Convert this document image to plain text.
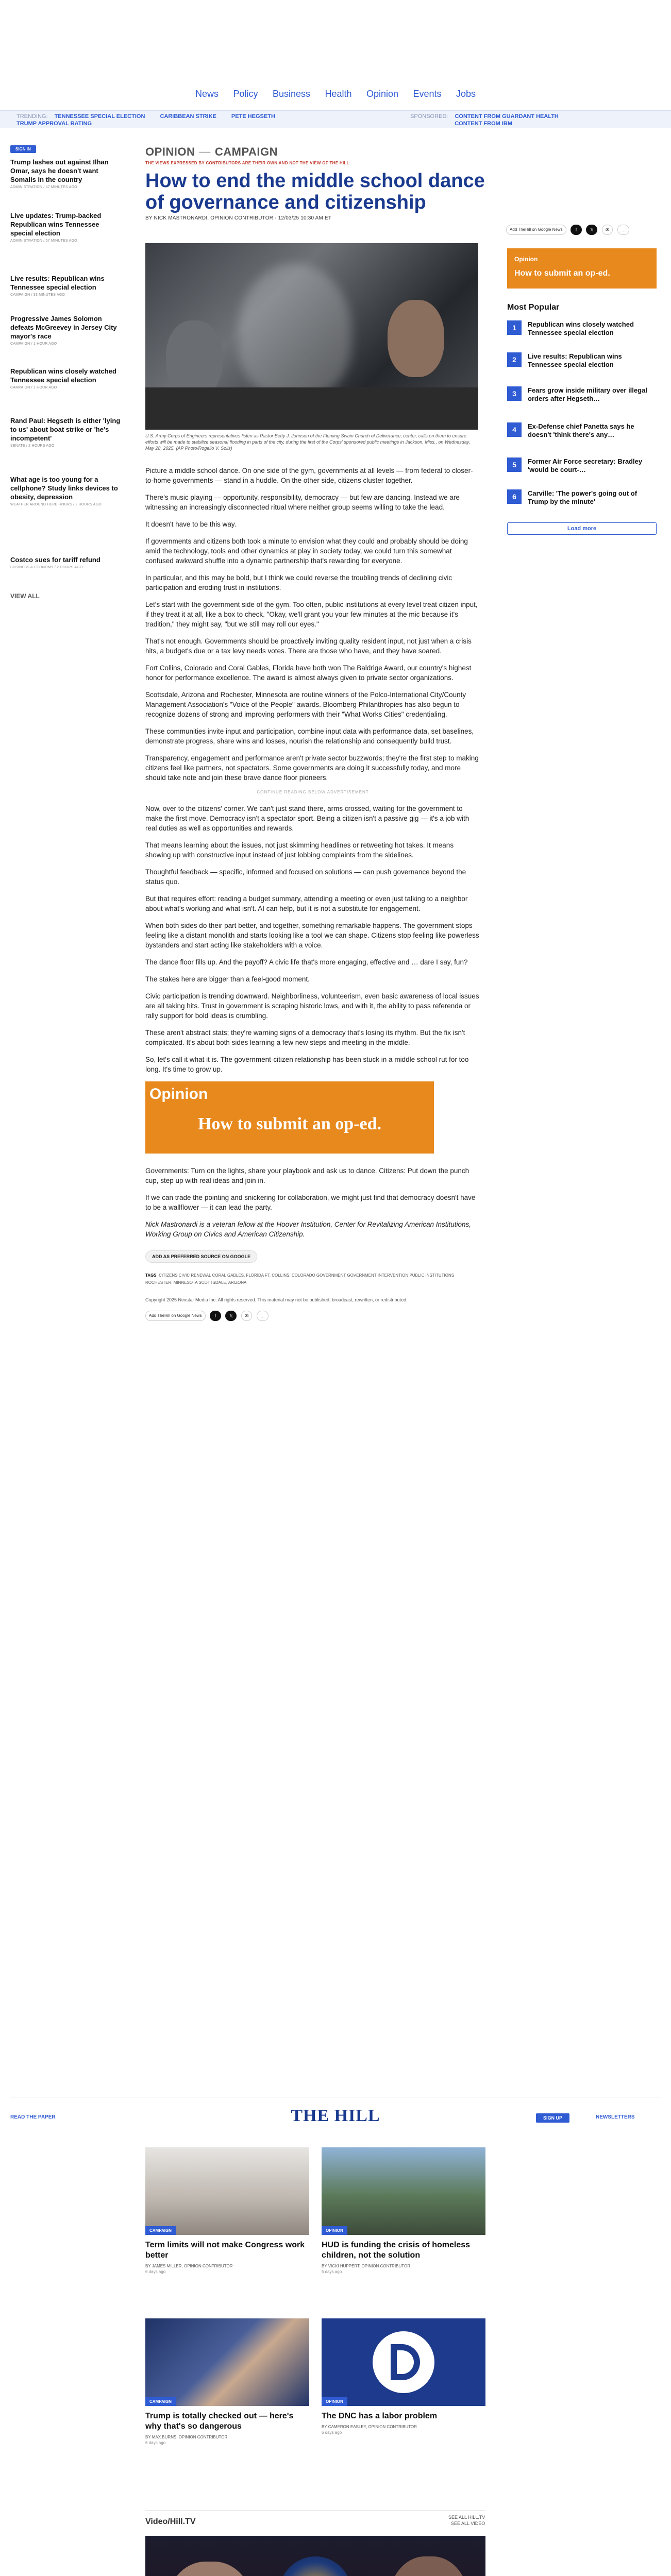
News Policy Business Health Opinion Events Jobs
TRENDING: TENNESSEE SPECIAL ELECTION	CARIBBEAN STRIKE	PETE HEGSETH	SPONSORED: CONTENT FROM GUARDANT HEALTH
TRUMP APPROVAL RATING	CONTENT FROM IBM
SIGN IN
Trump lashes out against Ilhan Omar, says he doesn't want Somalis in the country
ADMINISTRATION / 47 MINUTES AGO
Live updates: Trump-backed Republican wins Tennessee special election
ADMINISTRATION / 57 MINUTES AGO
Live results: Republican wins Tennessee special election
CAMPAIGN / 33 MINUTES AGO
Progressive James Solomon defeats McGreevey in Jersey City mayor's race
CAMPAIGN / 1 HOUR AGO
Republican wins closely watched Tennessee special election
CAMPAIGN / 1 HOUR AGO
Rand Paul: Hegseth is either 'lying to us' about boat strike or 'he's incompetent'
SENATE / 2 HOURS AGO
What age is too young for a cellphone? Study links devices to obesity, depression
WEATHER AROUND HERE HOURS / 2 HOURS AGO
Costco sues for tariff refund
BUSINESS & ECONOMY / 2 HOURS AGO
VIEW ALL
OPINION — CAMPAIGN
THE VIEWS EXPRESSED BY CONTRIBUTORS ARE THEIR OWN AND NOT THE VIEW OF THE HILL
How to end the middle school dance of governance and citizenship
BY NICK MASTRONARDI, OPINION CONTRIBUTOR - 12/03/25 10:30 AM ET
Add TheHill on Google News	f	𝕏	✉ …
U.S. Army Corps of Engineers representatives listen as Pastor Betty J. Johnson of the Fleming Swain Church of Deliverance, center, calls on them to ensure efforts will be made to stabilize seasonal flooding in parts of the city, during the first of the Corps' sponsored public meetings in Jackson, Miss., on Wednesday, May 28, 2025. (AP Photo/Rogelio V. Solis)
Opinion
How to submit an op-ed.
Most Popular
1	Republican wins closely watched Tennessee special election
2	Live results: Republican wins Tennessee special election
3	Fears grow inside military over illegal orders after Hegseth…
4	Ex-Defense chief Panetta says he doesn't 'think there's any…
5	Former Air Force secretary: Bradley 'would be court-…
6	Carville: 'The power's going out of Trump by the minute'
Load more

Picture a middle school dance. On one side of the gym, governments at all levels — from federal to closer-to-home governments — stand in a huddle. On the other side, citizens cluster together.

There's music playing — opportunity, responsibility, democracy — but few are dancing. Instead we are witnessing an increasingly disconnected ritual where neither group seems willing to take the lead.

It doesn't have to be this way.

If governments and citizens both took a minute to envision what they could and probably should be doing amid the technology, tools and other dynamics at play in society today, we could turn this somewhat confused awkward shuffle into a dynamic partnership that's rewarding for everyone.

In particular, and this may be bold, but I think we could reverse the troubling trends of declining civic participation and eroding trust in institutions.

Let's start with the government side of the gym. Too often, public institutions at every level treat citizen input, if they treat it at all, like a box to check. "Okay, we'll grant you your few minutes at the mic because it's tradition," they might say, "but we still may roll our eyes."

That's not enough. Governments should be proactively inviting quality resident input, not just when a crisis hits, a budget's due or a tax levy needs votes. There are those who have, and they have soared.

Fort Collins, Colorado and Coral Gables, Florida have both won The Baldrige Award, our country's highest honor for performance excellence. The award is almost always given to private sector organizations.

Scottsdale, Arizona and Rochester, Minnesota are routine winners of the Polco-International City/County Management Association's "Voice of the People" awards. Bloomberg Philanthropies has also begun to recognize dozens of strong and improving performers with their "What Works Cities" credentialing.

These communities invite input and participation, combine input data with performance data, set baselines, demonstrate progress, share wins and losses, nourish the relationship and consequently build trust.

Transparency, engagement and performance aren't private sector buzzwords; they're the first step to making citizens feel like partners, not spectators. Some governments are doing it successfully today, and more should take note and join these brave dance floor pioneers.

CONTINUE READING BELOW ADVERTISEMENT

Now, over to the citizens' corner. We can't just stand there, arms crossed, waiting for the government to make the first move. Democracy isn't a spectator sport. Being a citizen isn't a passive gig — it's a job with real duties as well as opportunities and rewards.

That means learning about the issues, not just skimming headlines or retweeting hot takes. It means showing up with constructive input instead of just lobbing complaints from the sidelines.

Thoughtful feedback — specific, informed and focused on solutions — can push governance beyond the status quo.

But that requires effort: reading a budget summary, attending a meeting or even just talking to a neighbor about what's working and what isn't. AI can help, but it is not a substitute for engagement.

When both sides do their part better, and together, something remarkable happens. The government stops feeling like a distant monolith and starts looking like a tool we can shape. Citizens stop feeling like powerless bystanders and start acting like stakeholders with a voice.

The dance floor fills up. And the payoff? A civic life that's more engaging, effective and … dare I say, fun?

The stakes here are bigger than a feel-good moment.

Civic participation is trending downward. Neighborliness, volunteerism, even basic awareness of local issues are all taking hits. Trust in government is scraping historic lows, and with it, the ability to pass referenda or rally support for bold ideas is crumbling.

These aren't abstract stats; they're warning signs of a democracy that's losing its rhythm. But the fix isn't complicated. It's about both sides learning a few new steps and meeting in the middle.

So, let's call it what it is. The government-citizen relationship has been stuck in a middle school rut for too long. It's time to grow up.

Opinion
How to submit an op-ed.

Governments: Turn on the lights, share your playbook and ask us to dance. Citizens: Put down the punch cup, step up with real ideas and join in.

If we can trade the pointing and snickering for collaboration, we might just find that democracy doesn't have to be a wallflower — it can lead the party.

Nick Mastronardi is a veteran fellow at the Hoover Institution, Center for Revitalizing American Institutions, Working Group on Civics and American Citizenship.

ADD AS PREFERRED SOURCE ON GOOGLE
TAGS CITIZENS CIVIC RENEWAL CORAL GABLES, FLORIDA FT. COLLINS, COLORADO GOVERNMENT GOVERNMENT INTERVENTION PUBLIC INSTITUTIONS ROCHESTER, MINNESOTA SCOTTSDALE, ARIZONA
Copyright 2025 Nexstar Media Inc. All rights reserved. This material may not be published, broadcast, rewritten, or redistributed.
Add TheHill on Google News	f	𝕏	✉ …
READ THE PAPER	THE HILL	SIGN UP	NEWSLETTERS
CAMPAIGN
Term limits will not make Congress work better
BY JAMES MILLER, OPINION CONTRIBUTOR
6 days ago
OPINION
HUD is funding the crisis of homeless children, not the solution
BY VICKI HUPPERT, OPINION CONTRIBUTOR
5 days ago
CAMPAIGN
Trump is totally checked out — here's why that's so dangerous
BY MAX BURNS, OPINION CONTRIBUTOR
6 days ago
OPINION
The DNC has a labor problem
BY CAMERON EASLEY, OPINION CONTRIBUTOR
6 days ago
Video/Hill.TV	SEE ALL HILL.TV
SEE ALL VIDEO
